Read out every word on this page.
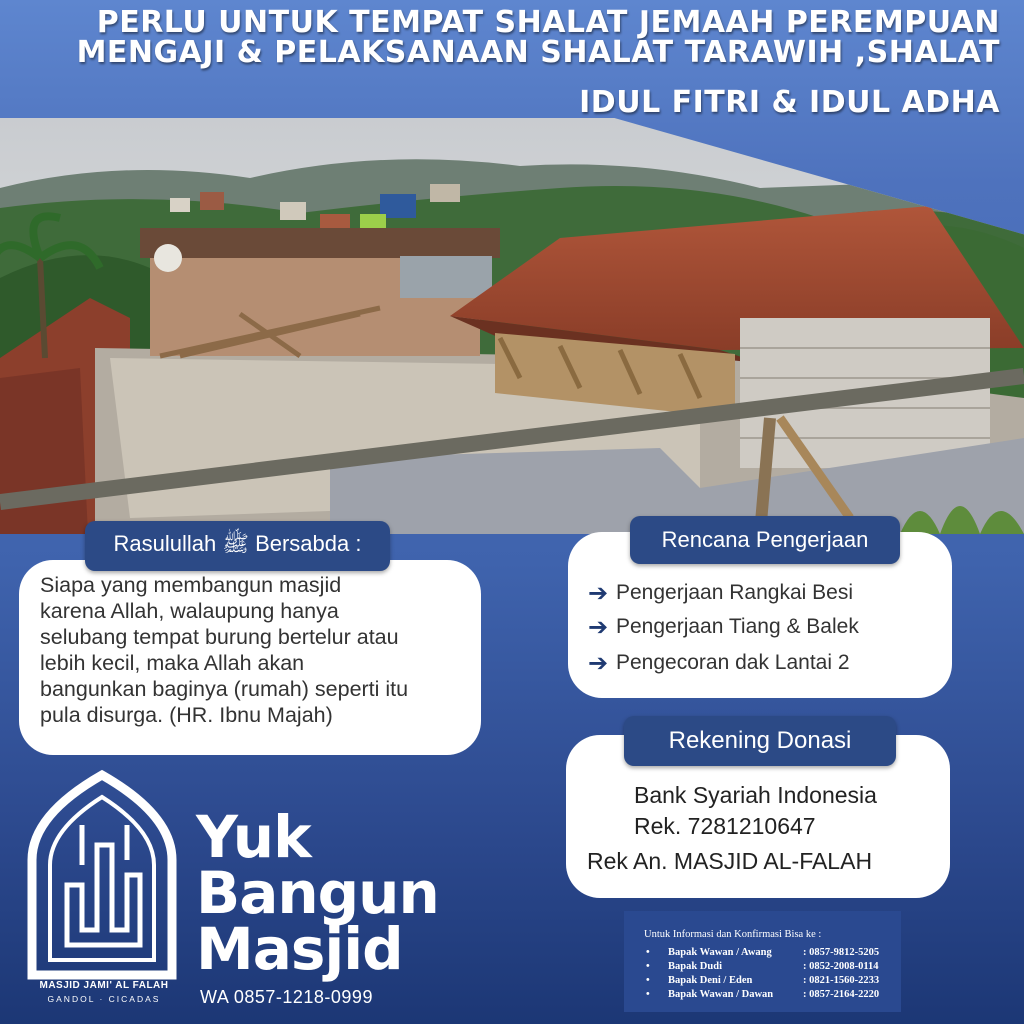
PERLU UNTUK TEMPAT SHALAT JEMAAH PEREMPUAN
MENGAJI & PELAKSANAAN SHALAT TARAWIH ,SHALAT
IDUL FITRI & IDUL ADHA
Rasulullah ﷺ Bersabda :
Siapa yang membangun masjid
karena Allah, walaupung hanya
selubang tempat burung bertelur atau
lebih kecil, maka Allah akan
bangunkan baginya (rumah) seperti itu
pula disurga. (HR. Ibnu Majah)
Rencana Pengerjaan
➔ Pengerjaan Rangkai Besi
➔ Pengerjaan Tiang & Balek
➔ Pengecoran dak Lantai 2
Rekening Donasi
Bank Syariah Indonesia
Rek. 7281210647
Rek An. MASJID AL-FALAH
Untuk Informasi dan Konfirmasi Bisa ke :
•	Bapak Wawan / Awang	: 0857-9812-5205
•	Bapak Dudi	: 0852-2008-0114
•	Bapak Deni / Eden	: 0821-1560-2233
•	Bapak Wawan / Dawan	: 0857-2164-2220
MASJID JAMI' AL FALAH
GANDOL · CICADAS
Yuk
Bangun
Masjid
WA 0857-1218-0999
